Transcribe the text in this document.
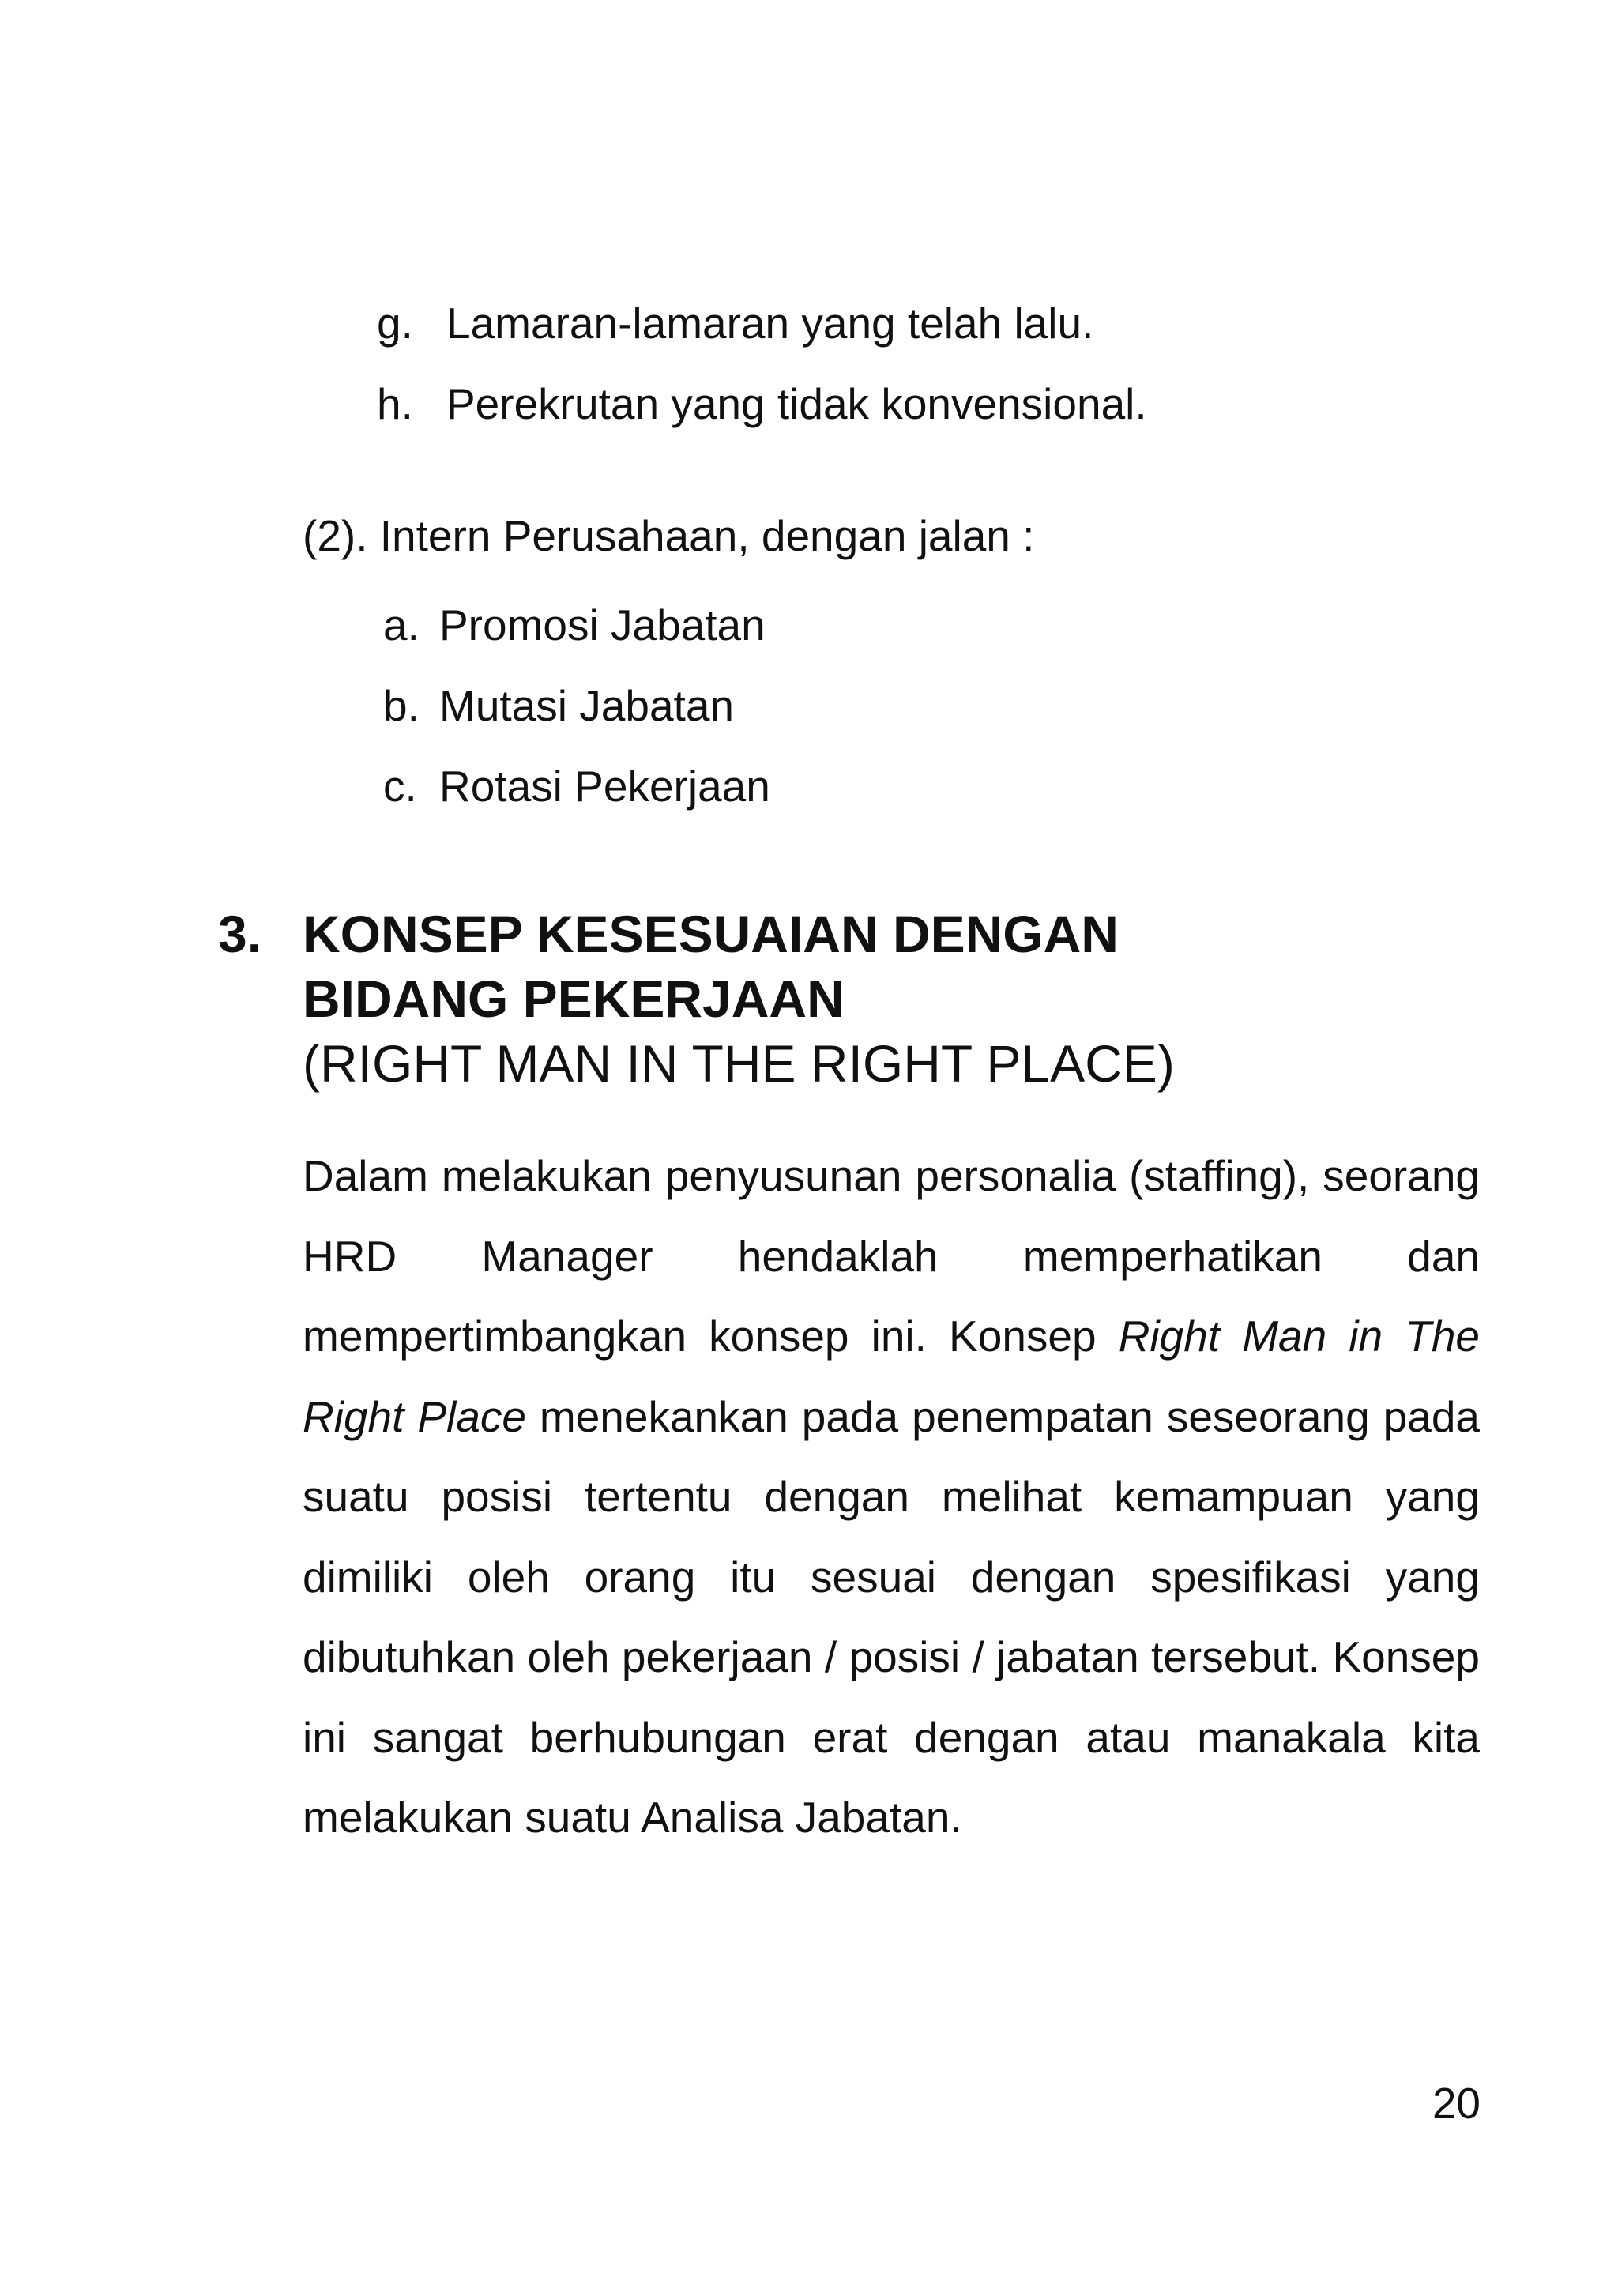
g. Lamaran-lamaran yang telah lalu.
h. Perekrutan yang tidak konvensional.

(2). Intern Perusahaan, dengan jalan :

a. Promosi Jabatan
b. Mutasi Jabatan
c. Rotasi Pekerjaan
3. KONSEP KESESUAIAN DENGAN
BIDANG PEKERJAAN
(RIGHT MAN IN THE RIGHT PLACE)

Dalam melakukan penyusunan personalia (staffing), seorang HRD Manager hendaklah memperhatikan dan mempertimbangkan konsep ini. Konsep Right Man in The Right Place menekankan pada penempatan seseorang pada suatu posisi tertentu dengan melihat kemampuan yang dimiliki oleh orang itu sesuai dengan spesifikasi yang dibutuhkan oleh pekerjaan / posisi / jabatan tersebut. Konsep ini sangat berhubungan erat dengan atau manakala kita melakukan suatu Analisa Jabatan.

20
